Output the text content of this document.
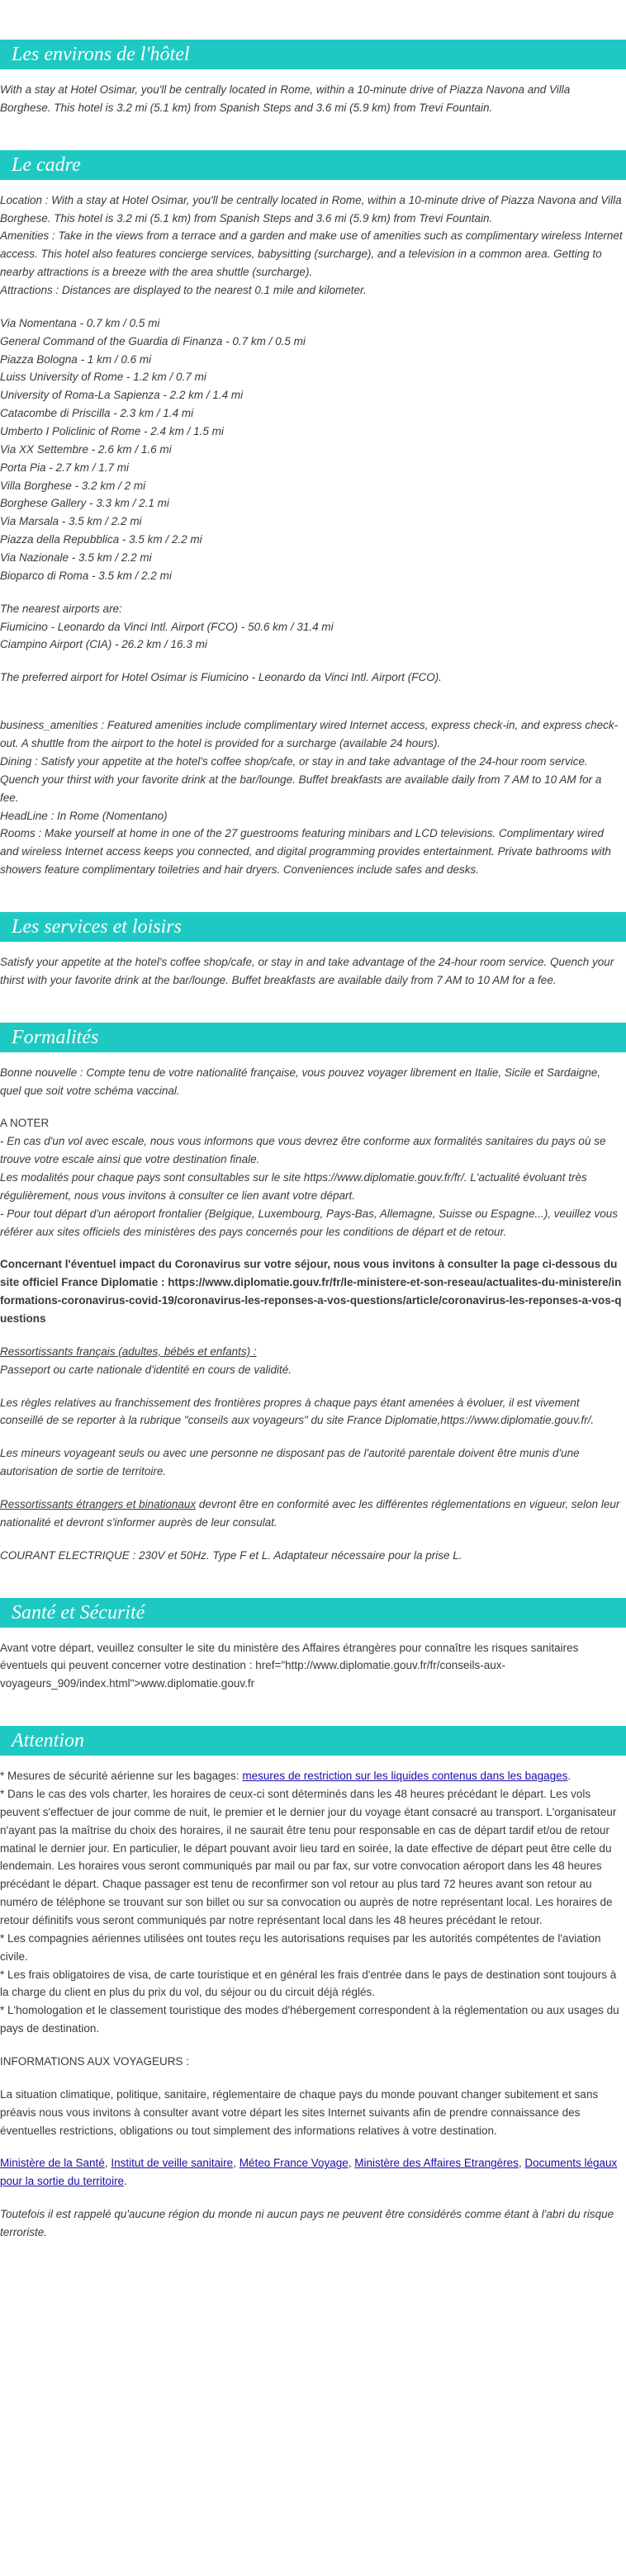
Les environs de l'hôtel

With a stay at Hotel Osimar, you'll be centrally located in Rome, within a 10-minute drive of Piazza Navona and Villa Borghese. This hotel is 3.2 mi (5.1 km) from Spanish Steps and 3.6 mi (5.9 km) from Trevi Fountain.

Le cadre

Location : With a stay at Hotel Osimar, you'll be centrally located in Rome, within a 10-minute drive of Piazza Navona and Villa Borghese. This hotel is 3.2 mi (5.1 km) from Spanish Steps and 3.6 mi (5.9 km) from Trevi Fountain.

Amenities : Take in the views from a terrace and a garden and make use of amenities such as complimentary wireless Internet access. This hotel also features concierge services, babysitting (surcharge), and a television in a common area. Getting to nearby attractions is a breeze with the area shuttle (surcharge).

Attractions : Distances are displayed to the nearest 0.1 mile and kilometer.

Via Nomentana - 0.7 km / 0.5 mi

General Command of the Guardia di Finanza - 0.7 km / 0.5 mi

Piazza Bologna - 1 km / 0.6 mi

Luiss University of Rome - 1.2 km / 0.7 mi

University of Roma-La Sapienza - 2.2 km / 1.4 mi

Catacombe di Priscilla - 2.3 km / 1.4 mi

Umberto I Policlinic of Rome - 2.4 km / 1.5 mi

Via XX Settembre - 2.6 km / 1.6 mi

Porta Pia - 2.7 km / 1.7 mi

Villa Borghese - 3.2 km / 2 mi

Borghese Gallery - 3.3 km / 2.1 mi

Via Marsala - 3.5 km / 2.2 mi

Piazza della Repubblica - 3.5 km / 2.2 mi

Via Nazionale - 3.5 km / 2.2 mi

Bioparco di Roma - 3.5 km / 2.2 mi

The nearest airports are:

Fiumicino - Leonardo da Vinci Intl. Airport (FCO) - 50.6 km / 31.4 mi

Ciampino Airport (CIA) - 26.2 km / 16.3 mi

The preferred airport for Hotel Osimar is Fiumicino - Leonardo da Vinci Intl. Airport (FCO).

business_amenities : Featured amenities include complimentary wired Internet access, express check-in, and express check-out. A shuttle from the airport to the hotel is provided for a surcharge (available 24 hours).

Dining : Satisfy your appetite at the hotel's coffee shop/cafe, or stay in and take advantage of the 24-hour room service. Quench your thirst with your favorite drink at the bar/lounge. Buffet breakfasts are available daily from 7 AM to 10 AM for a fee.

HeadLine : In Rome (Nomentano)

Rooms : Make yourself at home in one of the 27 guestrooms featuring minibars and LCD televisions. Complimentary wired and wireless Internet access keeps you connected, and digital programming provides entertainment. Private bathrooms with showers feature complimentary toiletries and hair dryers. Conveniences include safes and desks.

Les services et loisirs

Satisfy your appetite at the hotel's coffee shop/cafe, or stay in and take advantage of the 24-hour room service. Quench your thirst with your favorite drink at the bar/lounge. Buffet breakfasts are available daily from 7 AM to 10 AM for a fee.

Formalités

Bonne nouvelle : Compte tenu de votre nationalité française, vous pouvez voyager librement en Italie, Sicile et Sardaigne, quel que soit votre schéma vaccinal.

A NOTER

- En cas d'un vol avec escale, nous vous informons que vous devrez être conforme aux formalités sanitaires du pays où se trouve votre escale ainsi que votre destination finale.

Les modalités pour chaque pays sont consultables sur le site https://www.diplomatie.gouv.fr/fr/. L'actualité évoluant très régulièrement, nous vous invitons à consulter ce lien avant votre départ.

- Pour tout départ d'un aéroport frontalier (Belgique, Luxembourg, Pays-Bas, Allemagne, Suisse ou Espagne...), veuillez vous référer aux sites officiels des ministères des pays concernés pour les conditions de départ et de retour.

Concernant l'éventuel impact du Coronavirus sur votre séjour, nous vous invitons à consulter la page ci-dessous du site officiel France Diplomatie : https://www.diplomatie.gouv.fr/fr/le-ministere-et-son-reseau/actualites-du-ministere/informations-coronavirus-covid-19/coronavirus-les-reponses-a-vos-questions/article/coronavirus-les-reponses-a-vos-questions

Ressortissants français (adultes, bébés et enfants) :

Passeport ou carte nationale d'identité en cours de validité.

Les règles relatives au franchissement des frontières propres à chaque pays étant amenées à évoluer, il est vivement conseillé de se reporter à la rubrique "conseils aux voyageurs" du site France Diplomatie,https://www.diplomatie.gouv.fr/.

Les mineurs voyageant seuls ou avec une personne ne disposant pas de l'autorité parentale doivent être munis d'une autorisation de sortie de territoire.

Ressortissants étrangers et binationaux devront être en conformité avec les différentes réglementations en vigueur, selon leur nationalité et devront s'informer auprès de leur consulat.

COURANT ELECTRIQUE : 230V et 50Hz. Type F et L. Adaptateur nécessaire pour la prise L.

Santé et Sécurité

Avant votre départ, veuillez consulter le site du ministère des Affaires étrangères pour connaître les risques sanitaires éventuels qui peuvent concerner votre destination : href="http://www.diplomatie.gouv.fr/fr/conseils-aux-voyageurs_909/index.html">www.diplomatie.gouv.fr

Attention

* Mesures de sécurité aérienne sur les bagages: mesures de restriction sur les liquides contenus dans les bagages.

* Dans le cas des vols charter, les horaires de ceux-ci sont déterminés dans les 48 heures précédant le départ. Les vols peuvent s'effectuer de jour comme de nuit, le premier et le dernier jour du voyage étant consacré au transport. L'organisateur n'ayant pas la maîtrise du choix des horaires, il ne saurait être tenu pour responsable en cas de départ tardif et/ou de retour matinal le dernier jour. En particulier, le départ pouvant avoir lieu tard en soirée, la date effective de départ peut être celle du lendemain. Les horaires vous seront communiqués par mail ou par fax, sur votre convocation aéroport dans les 48 heures précédant le départ. Chaque passager est tenu de reconfirmer son vol retour au plus tard 72 heures avant son retour au numéro de téléphone se trouvant sur son billet ou sur sa convocation ou auprès de notre représentant local. Les horaires de retour définitifs vous seront communiqués par notre représentant local dans les 48 heures précédant le retour.

* Les compagnies aériennes utilisées ont toutes reçu les autorisations requises par les autorités compétentes de l'aviation civile.

* Les frais obligatoires de visa, de carte touristique et en général les frais d'entrée dans le pays de destination sont toujours à la charge du client en plus du prix du vol, du séjour ou du circuit déjà réglés.

* L'homologation et le classement touristique des modes d'hébergement correspondent à la réglementation ou aux usages du pays de destination.

INFORMATIONS AUX VOYAGEURS :

La situation climatique, politique, sanitaire, réglementaire de chaque pays du monde pouvant changer subitement et sans préavis nous vous invitons à consulter avant votre départ les sites Internet suivants afin de prendre connaissance des éventuelles restrictions, obligations ou tout simplement des informations relatives à votre destination.

Ministère de la Santé, Institut de veille sanitaire, Méteo France Voyage, Ministère des Affaires Etrangères, Documents légaux pour la sortie du territoire.

Toutefois il est rappelé qu'aucune région du monde ni aucun pays ne peuvent être considérés comme étant à l'abri du risque terroriste.
